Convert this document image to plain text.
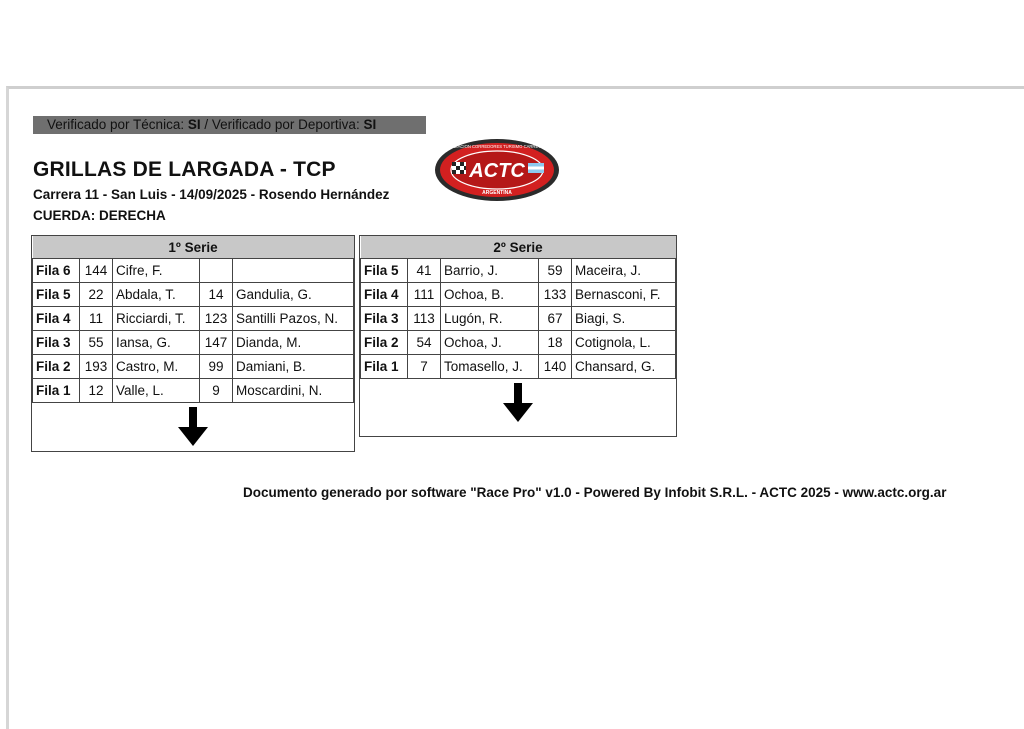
Verificado por Técnica: SI / Verificado por Deportiva: SI
GRILLAS DE LARGADA - TCP
Carrera 11 - San Luis - 14/09/2025 - Rosendo Hernández
CUERDA: DERECHA
ACTC
ASOCIACION CORREDORES TURISMO CARRETERA
ARGENTINA
1º Serie				
Fila 6	144	Cifre, F.		
Fila 5	22	Abdala, T.	14	Gandulia, G.
Fila 4	11	Ricciardi, T.	123	Santilli Pazos, N.
Fila 3	55	Iansa, G.	147	Dianda, M.
Fila 2	193	Castro, M.	99	Damiani, B.
Fila 1	12	Valle, L.	9	Moscardini, N.
2º Serie				
Fila 5	41	Barrio, J.	59	Maceira, J.
Fila 4	111	Ochoa, B.	133	Bernasconi, F.
Fila 3	113	Lugón, R.	67	Biagi, S.
Fila 2	54	Ochoa, J.	18	Cotignola, L.
Fila 1	7	Tomasello, J.	140	Chansard, G.
Documento generado por software "Race Pro" v1.0 - Powered By Infobit S.R.L. - ACTC 2025 - www.actc.org.ar
